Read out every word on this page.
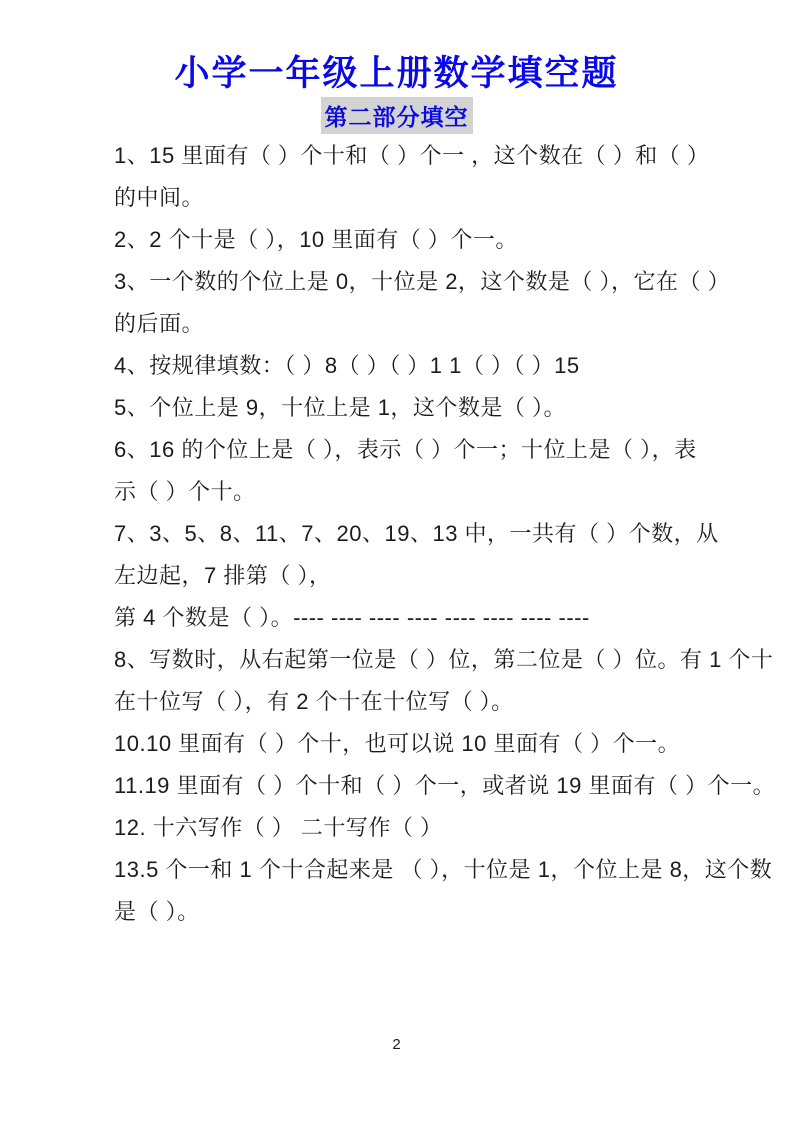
小学一年级上册数学填空题
第二部分填空
1、15 里面有（ ）个十和（ ）个一 ，这个数在（ ）和（ ）
的中间。
2、2 个十是（ ），10 里面有（ ）个一。
3、一个数的个位上是 0，十位是 2，这个数是（ ），它在（ ）
的后面。
4、按规律填数：（ ）8（ ）（ ）1 1（ ）（ ）15
5、个位上是 9，十位上是 1，这个数是（ ）。
6、16 的个位上是（ ），表示（ ）个一；十位上是（ ），表
示（ ）个十。
7、3、5、8、11、7、20、19、13 中，一共有（ ）个数，从
左边起，7 排第（ ），
第 4 个数是（ ）。---- ---- ---- ---- ---- ---- ---- ----
8、写数时，从右起第一位是（ ）位，第二位是（ ）位。有 1 个十
在十位写（ ），有 2 个十在十位写（ ）。
10.10 里面有（ ）个十，也可以说 10 里面有（ ）个一。
11.19 里面有（ ）个十和（ ）个一，或者说 19 里面有（ ）个一。
12. 十六写作（ ） 二十写作（ ）
13.5 个一和 1 个十合起来是 （ ），十位是 1，个位上是 8，这个数
是（ ）。
2
